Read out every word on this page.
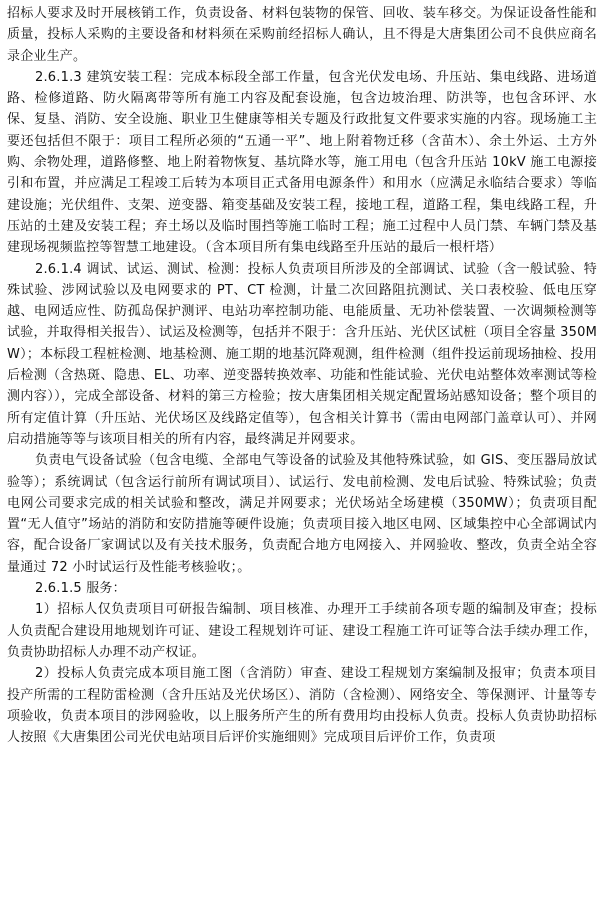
招标人要求及时开展核销工作，负责设备、材料包装物的保管、回收、装车移交。为保证设备性能和质量，投标人采购的主要设备和材料须在采购前经招标人确认，且不得是大唐集团公司不良供应商名录企业生产。

2.6.1.3 建筑安装工程：完成本标段全部工作量，包含光伏发电场、升压站、集电线路、进场道路、检修道路、防火隔离带等所有施工内容及配套设施，包含边坡治理、防洪等，也包含环评、水保、复垦、消防、安全设施、职业卫生健康等相关专题及行政批复文件要求实施的内容。现场施工主要还包括但不限于：项目工程所必须的“五通一平”、地上附着物迁移（含苗木）、余土外运、土方外购、余物处理，道路修整、地上附着物恢复、基坑降水等，施工用电（包含升压站 10kV 施工电源接引和布置，并应满足工程竣工后转为本项目正式备用电源条件）和用水（应满足永临结合要求）等临建设施；光伏组件、支架、逆变器、箱变基础及安装工程，接地工程，道路工程，集电线路工程，升压站的土建及安装工程；弃土场以及临时围挡等施工临时工程；施工过程中人员门禁、车辆门禁及基建现场视频监控等智慧工地建设。（含本项目所有集电线路至升压站的最后一根杆塔）

2.6.1.4 调试、试运、测试、检测：投标人负责项目所涉及的全部调试、试验（含一般试验、特殊试验、涉网试验以及电网要求的 PT、CT 检测，计量二次回路阻抗测试、关口表校验、低电压穿越、电网适应性、防孤岛保护测评、电站功率控制功能、电能质量、无功补偿装置、一次调频检测等试验，并取得相关报告）、试运及检测等，包括并不限于：含升压站、光伏区试桩（项目全容量 350MW）；本标段工程桩检测、地基检测、施工期的地基沉降观测，组件检测（组件投运前现场抽检、投用后检测（含热斑、隐患、EL、功率、逆变器转换效率、功能和性能试验、光伏电站整体效率测试等检测内容）），完成全部设备、材料的第三方检验；按大唐集团相关规定配置场站感知设备；整个项目的所有定值计算（升压站、光伏场区及线路定值等），包含相关计算书（需由电网部门盖章认可）、并网启动措施等等与该项目相关的所有内容，最终满足并网要求。

负责电气设备试验（包含电缆、全部电气等设备的试验及其他特殊试验，如 GIS、变压器局放试验等）；系统调试（包含运行前所有调试项目）、试运行、发电前检测、发电后试验、特殊试验；负责电网公司要求完成的相关试验和整改，满足并网要求；光伏场站全场建模（350MW）；负责项目配置“无人值守”场站的消防和安防措施等硬件设施；负责项目接入地区电网、区域集控中心全部调试内容，配合设备厂家调试以及有关技术服务，负责配合地方电网接入、并网验收、整改，负责全站全容量通过 72 小时试运行及性能考核验收；。

2.6.1.5 服务：

1）招标人仅负责项目可研报告编制、项目核准、办理开工手续前各项专题的编制及审查；投标人负责配合建设用地规划许可证、建设工程规划许可证、建设工程施工许可证等合法手续办理工作，负责协助招标人办理不动产权证。

2）投标人负责完成本项目施工图（含消防）审查、建设工程规划方案编制及报审；负责本项目投产所需的工程防雷检测（含升压站及光伏场区）、消防（含检测）、网络安全、等保测评、计量等专项验收，负责本项目的涉网验收，以上服务所产生的所有费用均由投标人负责。投标人负责协助招标人按照《大唐集团公司光伏电站项目后评价实施细则》完成项目后评价工作，负责项
